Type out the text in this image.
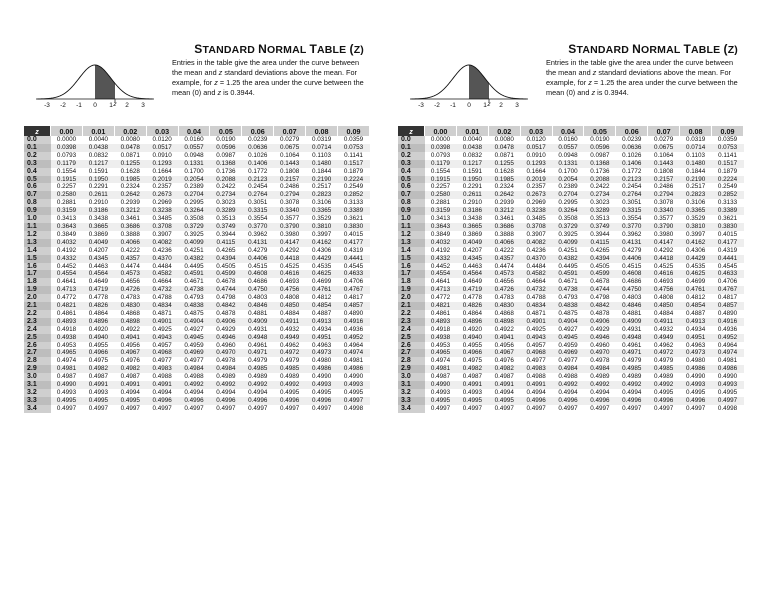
STANDARD NORMAL TABLE (Z)
-3 -2 -1 0 1 2 3
z
Entries in the table give the area under the curve between the mean and z standard deviations above the mean. For example, for z = 1.25 the area under the curve between the mean (0) and z is 0.3944.
z	0.00	0.01	0.02	0.03	0.04	0.05	0.06	0.07	0.08	0.09
0.0	0.0000	0.0040	0.0080	0.0120	0.0160	0.0190	0.0239	0.0279	0.0319	0.0359
0.1	0.0398	0.0438	0.0478	0.0517	0.0557	0.0596	0.0636	0.0675	0.0714	0.0753
0.2	0.0793	0.0832	0.0871	0.0910	0.0948	0.0987	0.1026	0.1064	0.1103	0.1141
0.3	0.1179	0.1217	0.1255	0.1293	0.1331	0.1368	0.1406	0.1443	0.1480	0.1517
0.4	0.1554	0.1591	0.1628	0.1664	0.1700	0.1736	0.1772	0.1808	0.1844	0.1879
0.5	0.1915	0.1950	0.1985	0.2019	0.2054	0.2088	0.2123	0.2157	0.2190	0.2224
0.6	0.2257	0.2291	0.2324	0.2357	0.2389	0.2422	0.2454	0.2486	0.2517	0.2549
0.7	0.2580	0.2611	0.2642	0.2673	0.2704	0.2734	0.2764	0.2794	0.2823	0.2852
0.8	0.2881	0.2910	0.2939	0.2969	0.2995	0.3023	0.3051	0.3078	0.3106	0.3133
0.9	0.3159	0.3186	0.3212	0.3238	0.3264	0.3289	0.3315	0.3340	0.3365	0.3389
1.0	0.3413	0.3438	0.3461	0.3485	0.3508	0.3513	0.3554	0.3577	0.3529	0.3621
1.1	0.3643	0.3665	0.3686	0.3708	0.3729	0.3749	0.3770	0.3790	0.3810	0.3830
1.2	0.3849	0.3869	0.3888	0.3907	0.3925	0.3944	0.3962	0.3980	0.3997	0.4015
1.3	0.4032	0.4049	0.4066	0.4082	0.4099	0.4115	0.4131	0.4147	0.4162	0.4177
1.4	0.4192	0.4207	0.4222	0.4236	0.4251	0.4265	0.4279	0.4292	0.4306	0.4319
1.5	0.4332	0.4345	0.4357	0.4370	0.4382	0.4394	0.4406	0.4418	0.4429	0.4441
1.6	0.4452	0.4463	0.4474	0.4484	0.4495	0.4505	0.4515	0.4525	0.4535	0.4545
1.7	0.4554	0.4564	0.4573	0.4582	0.4591	0.4599	0.4608	0.4616	0.4625	0.4633
1.8	0.4641	0.4649	0.4656	0.4664	0.4671	0.4678	0.4686	0.4693	0.4699	0.4706
1.9	0.4713	0.4719	0.4726	0.4732	0.4738	0.4744	0.4750	0.4756	0.4761	0.4767
2.0	0.4772	0.4778	0.4783	0.4788	0.4793	0.4798	0.4803	0.4808	0.4812	0.4817
2.1	0.4821	0.4826	0.4830	0.4834	0.4838	0.4842	0.4846	0.4850	0.4854	0.4857
2.2	0.4861	0.4864	0.4868	0.4871	0.4875	0.4878	0.4881	0.4884	0.4887	0.4890
2.3	0.4893	0.4896	0.4898	0.4901	0.4904	0.4906	0.4909	0.4911	0.4913	0.4916
2.4	0.4918	0.4920	0.4922	0.4925	0.4927	0.4929	0.4931	0.4932	0.4934	0.4936
2.5	0.4938	0.4940	0.4941	0.4943	0.4945	0.4946	0.4948	0.4949	0.4951	0.4952
2.6	0.4953	0.4955	0.4956	0.4957	0.4959	0.4960	0.4961	0.4962	0.4963	0.4964
2.7	0.4965	0.4966	0.4967	0.4968	0.4969	0.4970	0.4971	0.4972	0.4973	0.4974
2.8	0.4974	0.4975	0.4976	0.4977	0.4977	0.4978	0.4979	0.4979	0.4980	0.4981
2.9	0.4981	0.4982	0.4982	0.4983	0.4984	0.4984	0.4985	0.4985	0.4986	0.4986
3.0	0.4987	0.4987	0.4987	0.4988	0.4988	0.4989	0.4989	0.4989	0.4990	0.4990
3.1	0.4990	0.4991	0.4991	0.4991	0.4992	0.4992	0.4992	0.4992	0.4993	0.4993
3.2	0.4993	0.4993	0.4994	0.4994	0.4994	0.4994	0.4994	0.4995	0.4995	0.4995
3.3	0.4995	0.4995	0.4995	0.4996	0.4996	0.4996	0.4996	0.4996	0.4996	0.4997
3.4	0.4997	0.4997	0.4997	0.4997	0.4997	0.4997	0.4997	0.4997	0.4997	0.4998
STANDARD NORMAL TABLE (Z)
-3 -2 -1 0 1 2 3
z
Entries in the table give the area under the curve between the mean and z standard deviations above the mean. For example, for z = 1.25 the area under the curve between the mean (0) and z is 0.3944.
z	0.00	0.01	0.02	0.03	0.04	0.05	0.06	0.07	0.08	0.09
0.0	0.0000	0.0040	0.0080	0.0120	0.0160	0.0190	0.0239	0.0279	0.0319	0.0359
0.1	0.0398	0.0438	0.0478	0.0517	0.0557	0.0596	0.0636	0.0675	0.0714	0.0753
0.2	0.0793	0.0832	0.0871	0.0910	0.0948	0.0987	0.1026	0.1064	0.1103	0.1141
0.3	0.1179	0.1217	0.1255	0.1293	0.1331	0.1368	0.1406	0.1443	0.1480	0.1517
0.4	0.1554	0.1591	0.1628	0.1664	0.1700	0.1736	0.1772	0.1808	0.1844	0.1879
0.5	0.1915	0.1950	0.1985	0.2019	0.2054	0.2088	0.2123	0.2157	0.2190	0.2224
0.6	0.2257	0.2291	0.2324	0.2357	0.2389	0.2422	0.2454	0.2486	0.2517	0.2549
0.7	0.2580	0.2611	0.2642	0.2673	0.2704	0.2734	0.2764	0.2794	0.2823	0.2852
0.8	0.2881	0.2910	0.2939	0.2969	0.2995	0.3023	0.3051	0.3078	0.3106	0.3133
0.9	0.3159	0.3186	0.3212	0.3238	0.3264	0.3289	0.3315	0.3340	0.3365	0.3389
1.0	0.3413	0.3438	0.3461	0.3485	0.3508	0.3513	0.3554	0.3577	0.3529	0.3621
1.1	0.3643	0.3665	0.3686	0.3708	0.3729	0.3749	0.3770	0.3790	0.3810	0.3830
1.2	0.3849	0.3869	0.3888	0.3907	0.3925	0.3944	0.3962	0.3980	0.3997	0.4015
1.3	0.4032	0.4049	0.4066	0.4082	0.4099	0.4115	0.4131	0.4147	0.4162	0.4177
1.4	0.4192	0.4207	0.4222	0.4236	0.4251	0.4265	0.4279	0.4292	0.4306	0.4319
1.5	0.4332	0.4345	0.4357	0.4370	0.4382	0.4394	0.4406	0.4418	0.4429	0.4441
1.6	0.4452	0.4463	0.4474	0.4484	0.4495	0.4505	0.4515	0.4525	0.4535	0.4545
1.7	0.4554	0.4564	0.4573	0.4582	0.4591	0.4599	0.4608	0.4616	0.4625	0.4633
1.8	0.4641	0.4649	0.4656	0.4664	0.4671	0.4678	0.4686	0.4693	0.4699	0.4706
1.9	0.4713	0.4719	0.4726	0.4732	0.4738	0.4744	0.4750	0.4756	0.4761	0.4767
2.0	0.4772	0.4778	0.4783	0.4788	0.4793	0.4798	0.4803	0.4808	0.4812	0.4817
2.1	0.4821	0.4826	0.4830	0.4834	0.4838	0.4842	0.4846	0.4850	0.4854	0.4857
2.2	0.4861	0.4864	0.4868	0.4871	0.4875	0.4878	0.4881	0.4884	0.4887	0.4890
2.3	0.4893	0.4896	0.4898	0.4901	0.4904	0.4906	0.4909	0.4911	0.4913	0.4916
2.4	0.4918	0.4920	0.4922	0.4925	0.4927	0.4929	0.4931	0.4932	0.4934	0.4936
2.5	0.4938	0.4940	0.4941	0.4943	0.4945	0.4946	0.4948	0.4949	0.4951	0.4952
2.6	0.4953	0.4955	0.4956	0.4957	0.4959	0.4960	0.4961	0.4962	0.4963	0.4964
2.7	0.4965	0.4966	0.4967	0.4968	0.4969	0.4970	0.4971	0.4972	0.4973	0.4974
2.8	0.4974	0.4975	0.4976	0.4977	0.4977	0.4978	0.4979	0.4979	0.4980	0.4981
2.9	0.4981	0.4982	0.4982	0.4983	0.4984	0.4984	0.4985	0.4985	0.4986	0.4986
3.0	0.4987	0.4987	0.4987	0.4988	0.4988	0.4989	0.4989	0.4989	0.4990	0.4990
3.1	0.4990	0.4991	0.4991	0.4991	0.4992	0.4992	0.4992	0.4992	0.4993	0.4993
3.2	0.4993	0.4993	0.4994	0.4994	0.4994	0.4994	0.4994	0.4995	0.4995	0.4995
3.3	0.4995	0.4995	0.4995	0.4996	0.4996	0.4996	0.4996	0.4996	0.4996	0.4997
3.4	0.4997	0.4997	0.4997	0.4997	0.4997	0.4997	0.4997	0.4997	0.4997	0.4998
